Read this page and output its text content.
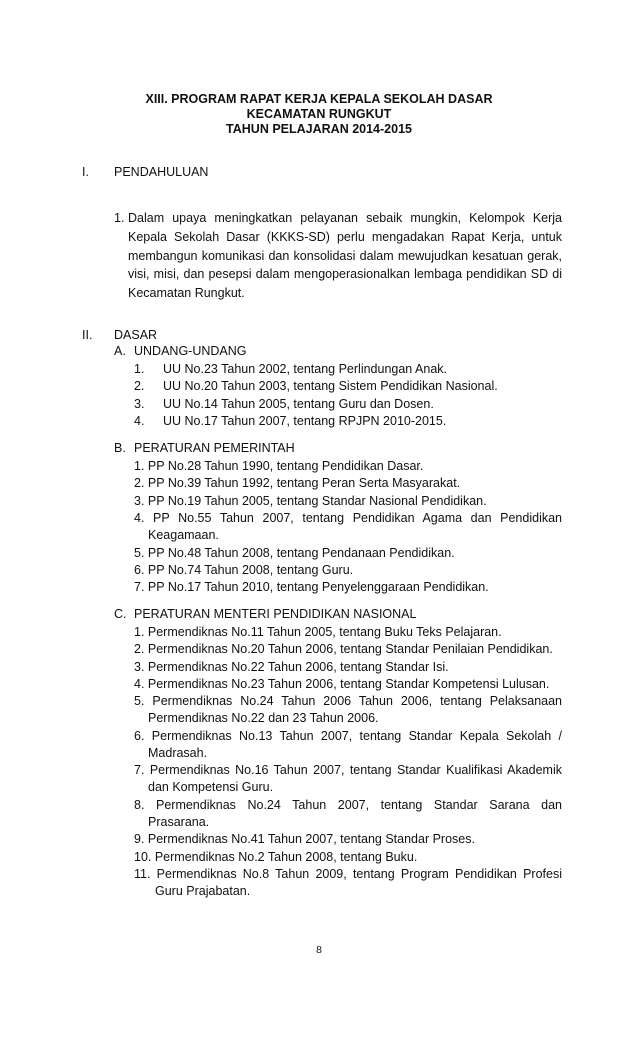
XIII. PROGRAM RAPAT KERJA KEPALA SEKOLAH DASAR
KECAMATAN RUNGKUT
TAHUN PELAJARAN 2014-2015
I. PENDAHULUAN
1. Dalam upaya meningkatkan pelayanan sebaik mungkin, Kelompok Kerja
Kepala Sekolah Dasar (KKKS-SD) perlu mengadakan Rapat Kerja, untuk
membangun komunikasi dan konsolidasi dalam mewujudkan kesatuan gerak,
visi, misi, dan pesepsi dalam mengoperasionalkan lembaga pendidikan SD di
Kecamatan Rungkut.
II. DASAR
A. UNDANG-UNDANG
1. UU No.23 Tahun 2002, tentang Perlindungan Anak.
2. UU No.20 Tahun 2003, tentang Sistem Pendidikan Nasional.
3. UU No.14 Tahun 2005, tentang Guru dan Dosen.
4. UU No.17 Tahun 2007, tentang RPJPN 2010-2015.
B. PERATURAN PEMERINTAH
1. PP No.28 Tahun 1990, tentang Pendidikan Dasar.
2. PP No.39 Tahun 1992, tentang Peran Serta Masyarakat.
3. PP No.19 Tahun 2005, tentang Standar Nasional Pendidikan.
4. PP No.55 Tahun 2007, tentang Pendidikan Agama dan Pendidikan
Keagamaan.
5. PP No.48 Tahun 2008, tentang Pendanaan Pendidikan.
6. PP No.74 Tahun 2008, tentang Guru.
7. PP No.17 Tahun 2010, tentang Penyelenggaraan Pendidikan.
C. PERATURAN MENTERI PENDIDIKAN NASIONAL
1. Permendiknas No.11 Tahun 2005, tentang Buku Teks Pelajaran.
2. Permendiknas No.20 Tahun 2006, tentang Standar Penilaian Pendidikan.
3. Permendiknas No.22 Tahun 2006, tentang Standar Isi.
4. Permendiknas No.23 Tahun 2006, tentang Standar Kompetensi Lulusan.
5. Permendiknas No.24 Tahun 2006 Tahun 2006, tentang Pelaksanaan
Permendiknas No.22 dan 23 Tahun 2006.
6. Permendiknas No.13 Tahun 2007, tentang Standar Kepala Sekolah /
Madrasah.
7. Permendiknas No.16 Tahun 2007, tentang Standar Kualifikasi Akademik
dan Kompetensi Guru.
8. Permendiknas No.24 Tahun 2007, tentang Standar Sarana dan
Prasarana.
9. Permendiknas No.41 Tahun 2007, tentang Standar Proses.
10. Permendiknas No.2 Tahun 2008, tentang Buku.
11. Permendiknas No.8 Tahun 2009, tentang Program Pendidikan Profesi
Guru Prajabatan.
8
